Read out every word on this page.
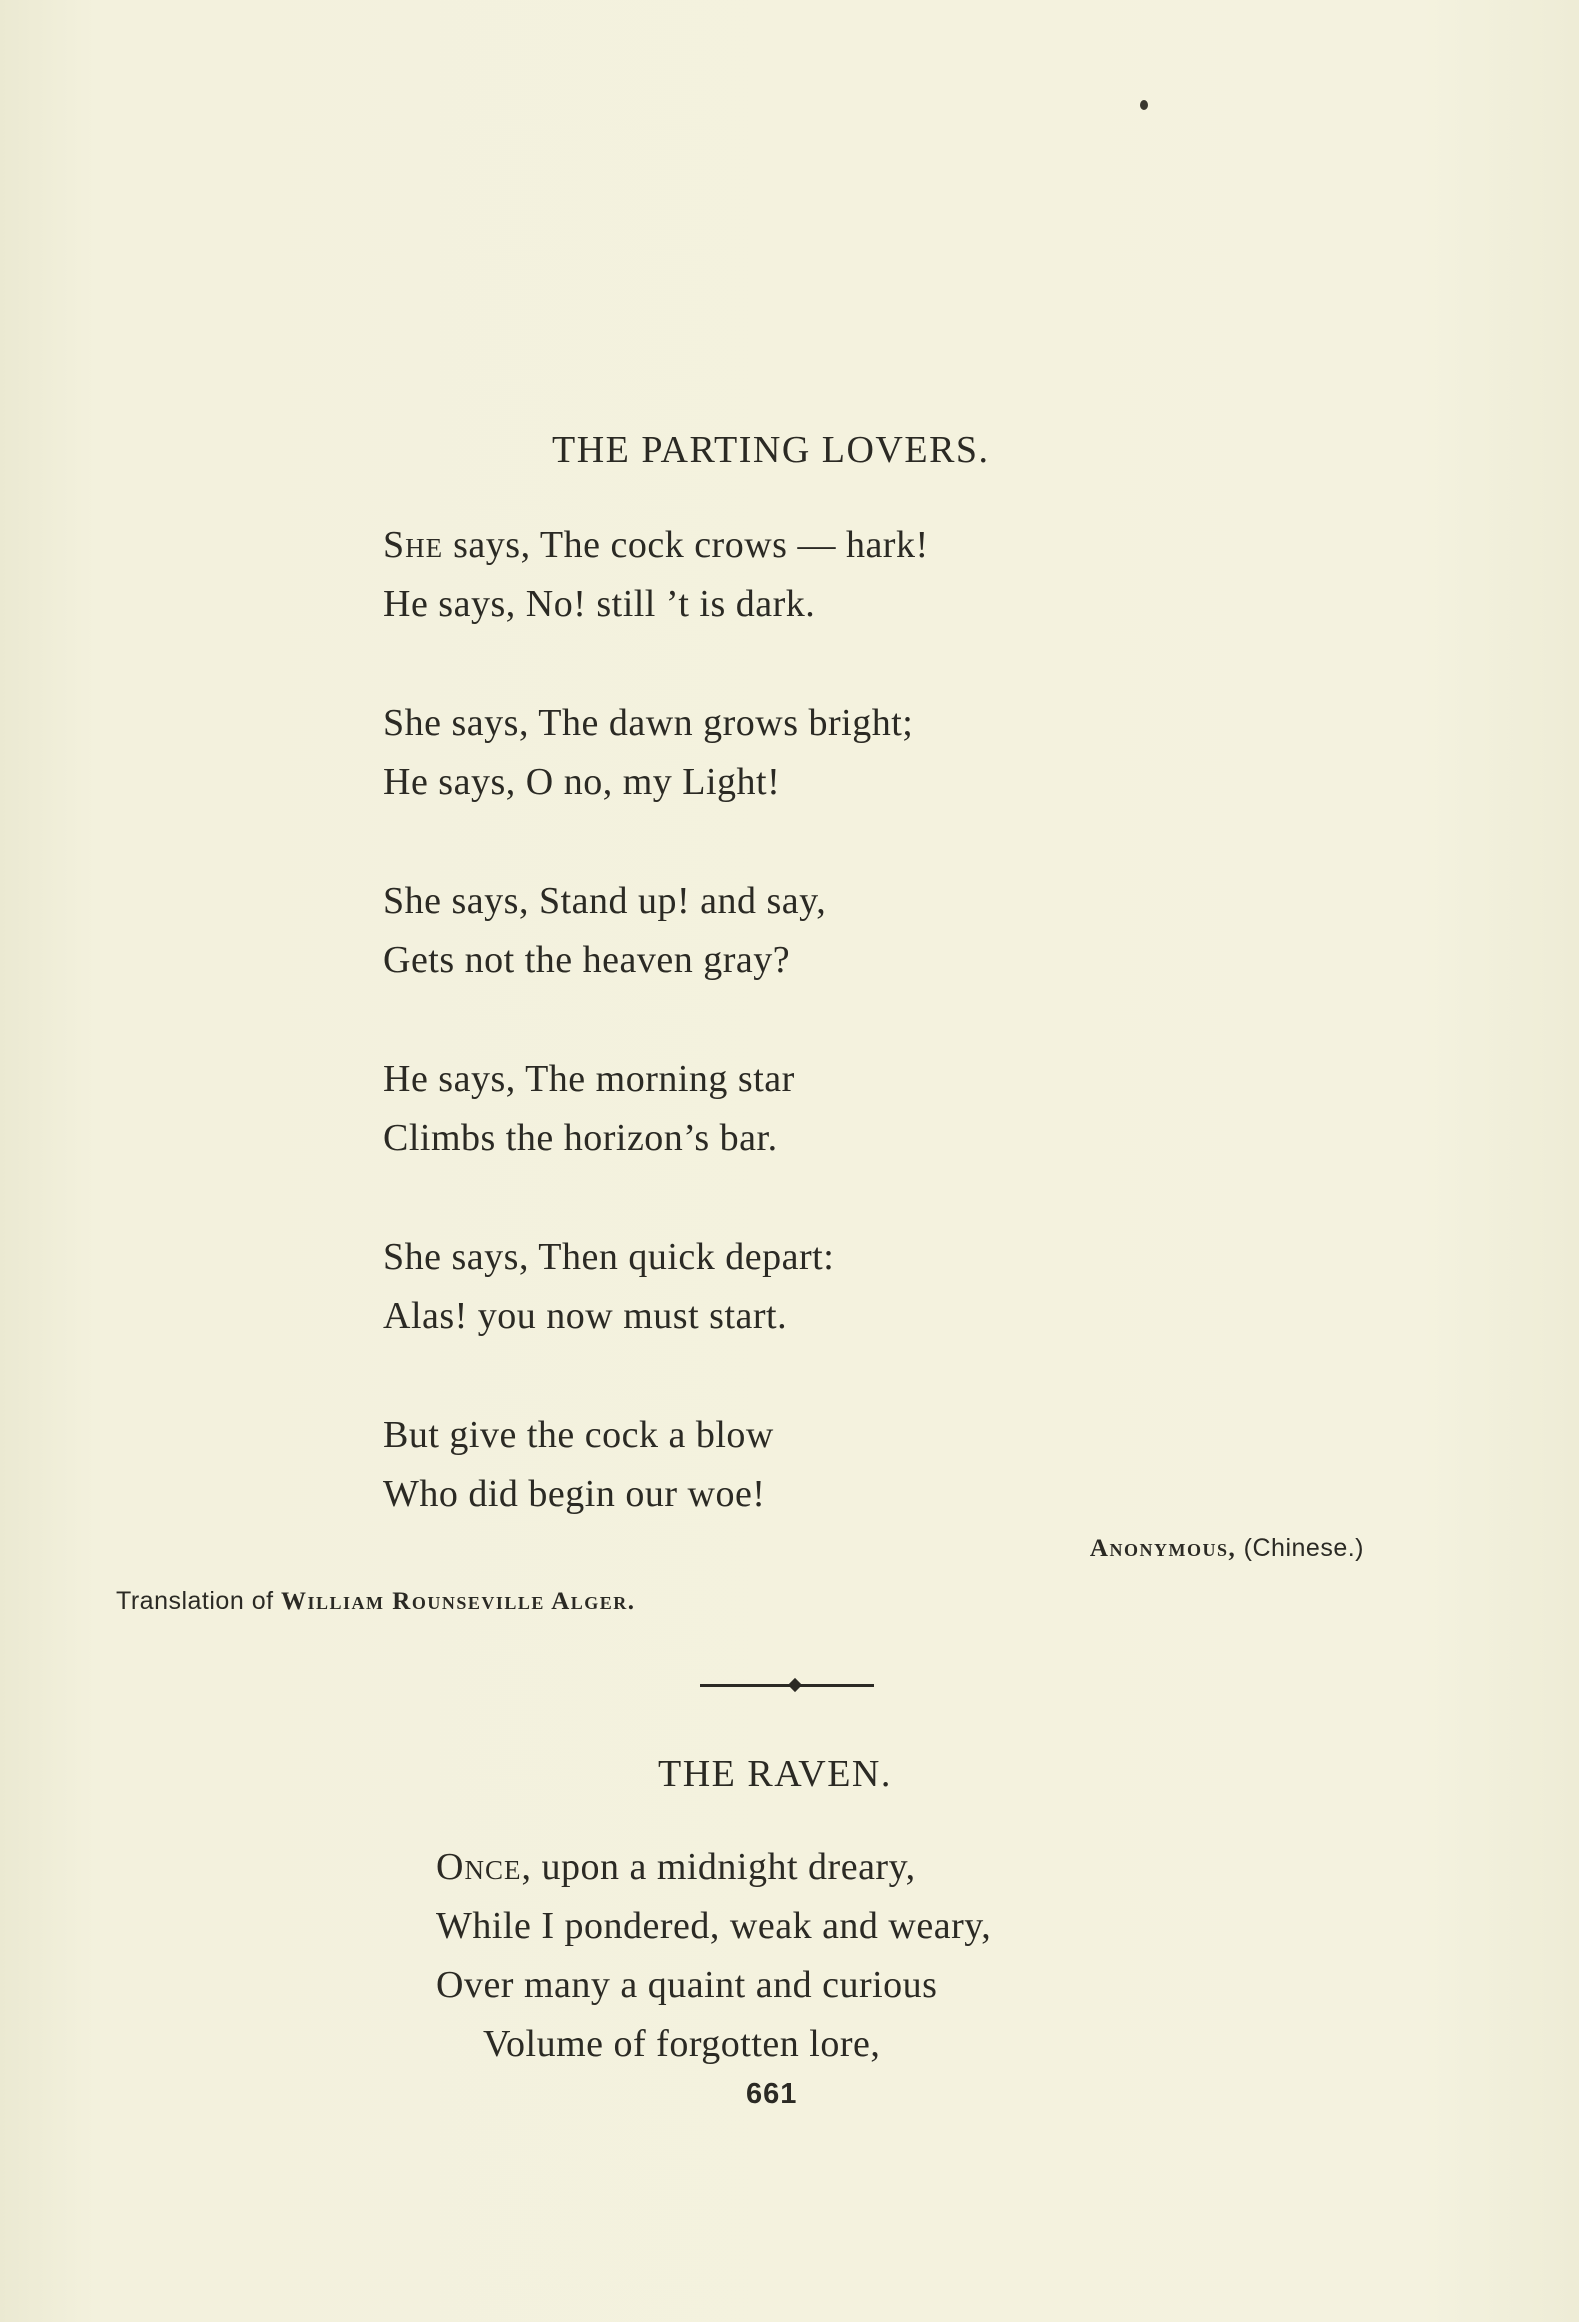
THE PARTING LOVERS.
She says, The cock crows — hark!
He says, No! still ’t is dark.
She says, The dawn grows bright;
He says, O no, my Light!
She says, Stand up! and say,
Gets not the heaven gray?
He says, The morning star
Climbs the horizon’s bar.
She says, Then quick depart:
Alas! you now must start.
But give the cock a blow
Who did begin our woe!
Anonymous, (Chinese.)
Translation of William Rounseville Alger.
THE RAVEN.
Once, upon a midnight dreary,
While I pondered, weak and weary,
Over many a quaint and curious
Volume of forgotten lore,
661
